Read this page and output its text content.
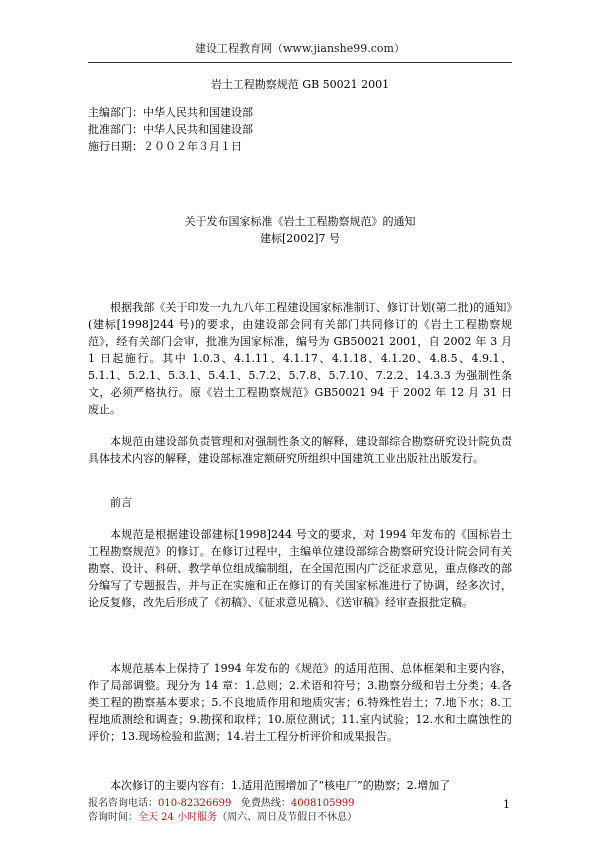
建设工程教育网（www.jianshe99.com）
岩土工程勘察规范 GB 50021 2001
主编部门：中华人民共和国建设部
批准部门：中华人民共和国建设部
施行日期：２００２年３月１日
关于发布国家标准《岩土工程勘察规范》的通知
建标[2002]7 号

根据我部《关于印发一九九八年工程建设国家标准制订、修订计划(第二批)的通知》(建标[1998]244 号)的要求，由建设部会同有关部门共同修订的《岩土工程勘察规范》，经有关部门会审，批准为国家标准，编号为 GB50021 2001，自 2002 年 3 月 1 日起施行。其中 1.0.3、4.1.11、4.1.17、4.1.18、4.1.20、4.8.5、4.9.1、5.1.1、5.2.1、5.3.1、5.4.1、5.7.2、5.7.8、5.7.10、7.2.2、14.3.3 为强制性条文，必须严格执行。原《岩土工程勘察规范》GB50021 94 于 2002 年 12 月 31 日废止。

本规范由建设部负责管理和对强制性条文的解释，建设部综合勘察研究设计院负责具体技术内容的解释，建设部标准定额研究所组织中国建筑工业出版社出版发行。

前言

本规范是根据建设部建标[1998]244 号文的要求，对 1994 年发布的《国标岩土工程勘察规范》的修订。在修订过程中，主编单位建设部综合勘察研究设计院会同有关勘察、设计、科研、教学单位组成编制组，在全国范围内广泛征求意见，重点修改的部分编写了专题报告，并与正在实施和正在修订的有关国家标准进行了协调，经多次讨，论反复修，改先后形成了《初稿》、《征求意见稿》、《送审稿》经审查报批定稿。

本规范基本上保持了 1994 年发布的《规范》的适用范围、总体框架和主要内容，作了局部调整。现分为 14 章：1.总则；2.术语和符号；3.勘察分级和岩土分类；4.各类工程的勘察基本要求；5.不良地质作用和地质灾害；6.特殊性岩土；7.地下水；8.工程地质测绘和调查；9.勘探和取样；10.原位测试；11.室内试验；12.水和土腐蚀性的评价；13.现场检验和监测；14.岩土工程分析评价和成果报告。

本次修订的主要内容有：1.适用范围增加了“核电厂”的勘察；2.增加了

报名咨询电话：010-82326699 免费热线：4008105999
咨询时间：全天 24 小时服务（周六、周日及节假日不休息）
1
